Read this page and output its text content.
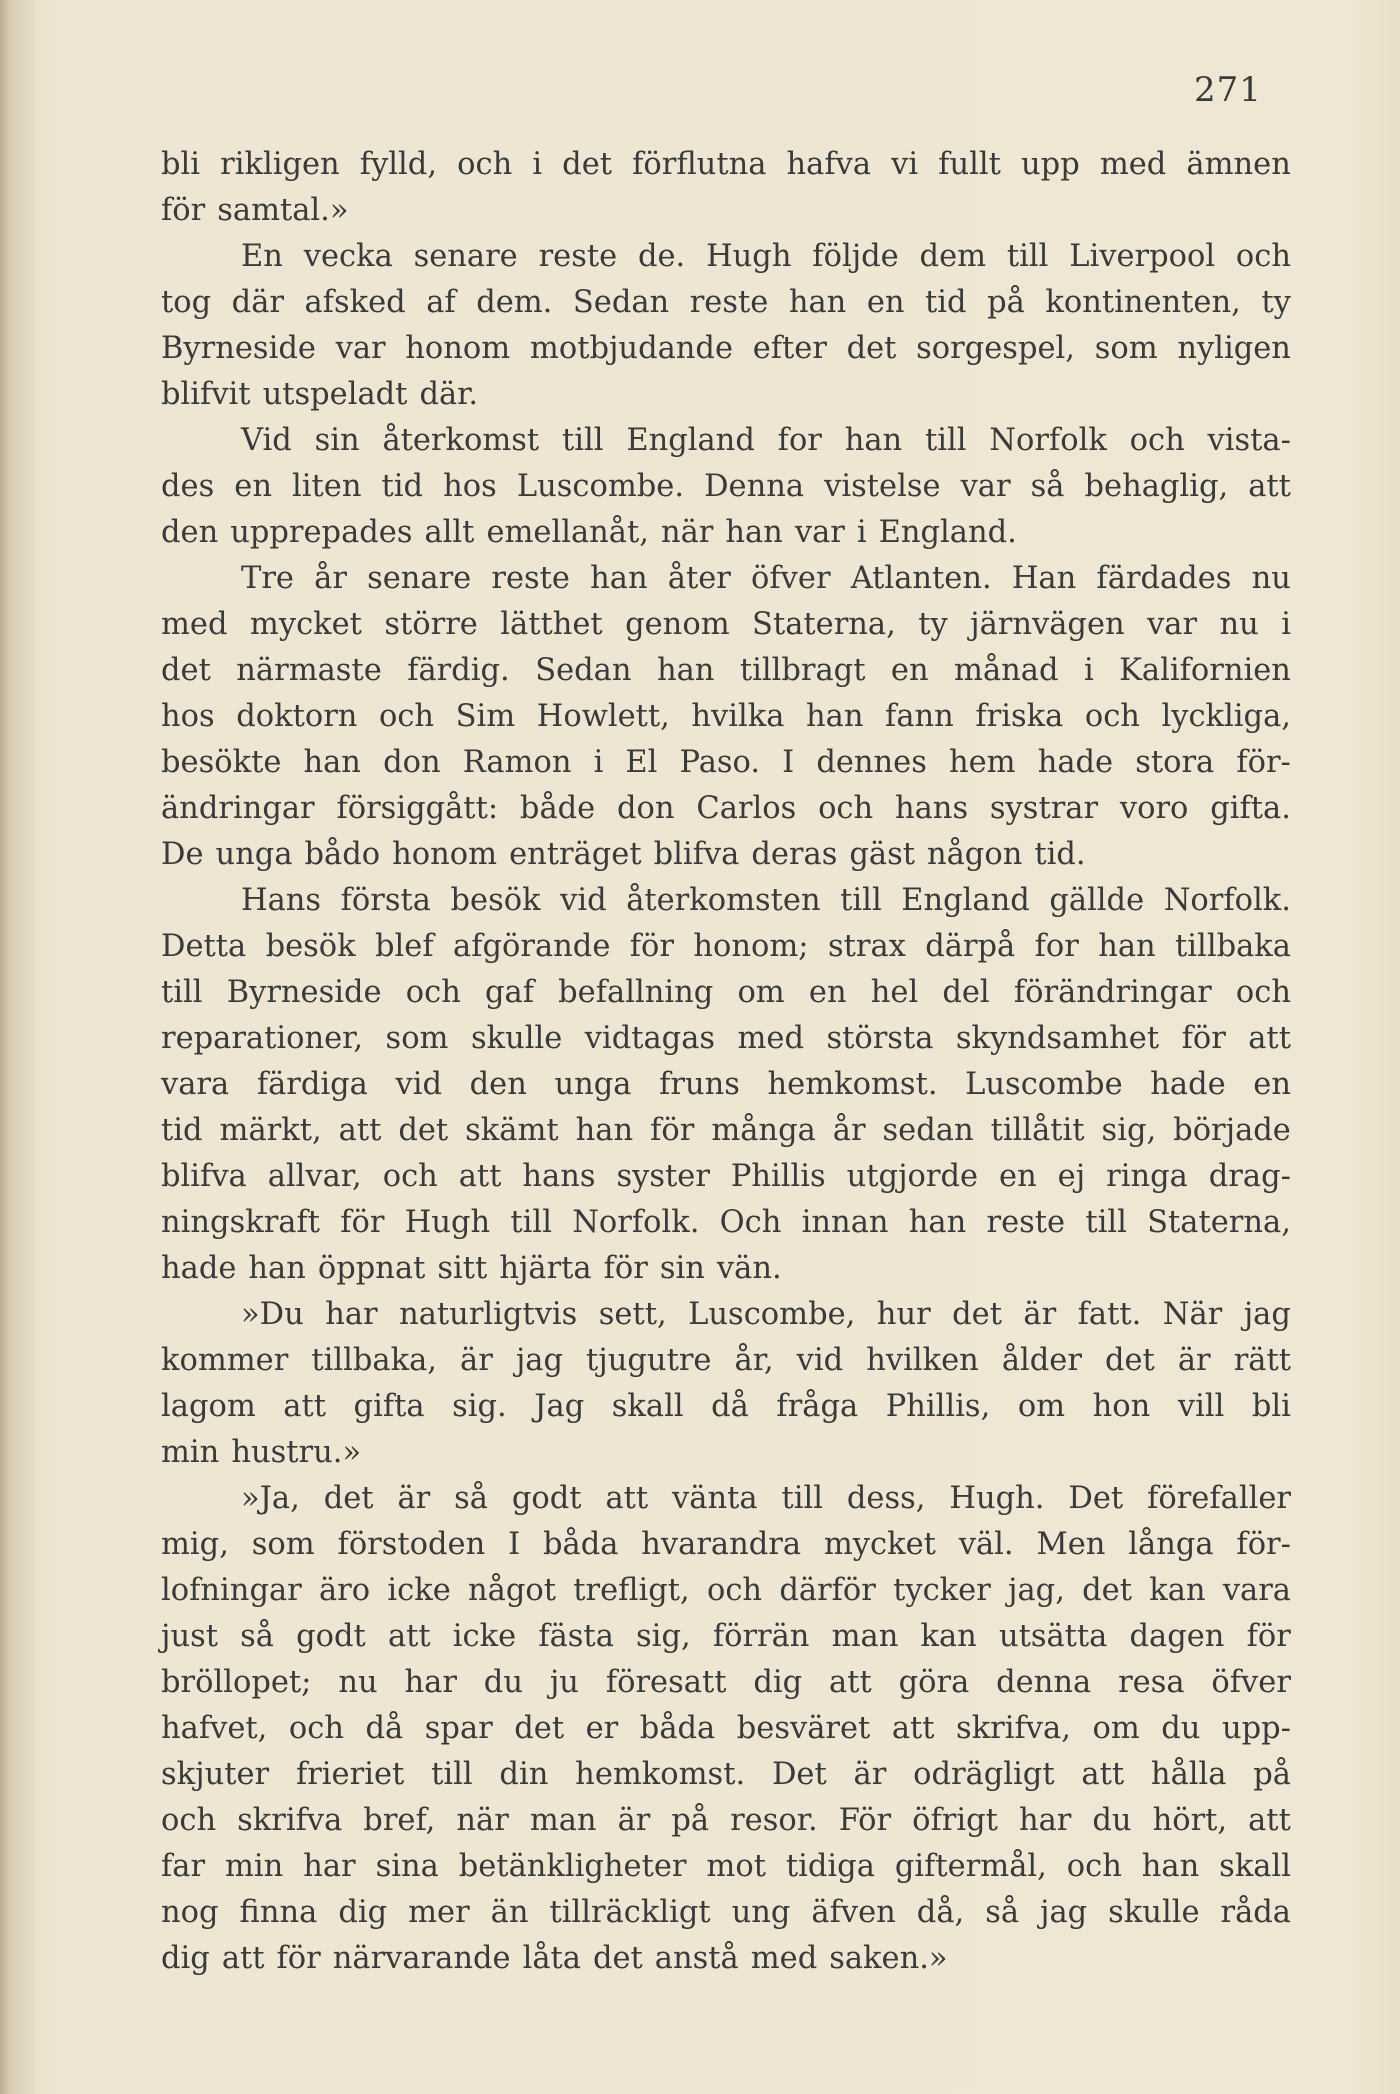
271
bli rikligen fylld, och i det förflutna hafva vi fullt upp med ämnen
för samtal.»
En vecka senare reste de. Hugh följde dem till Liverpool och
tog där afsked af dem. Sedan reste han en tid på kontinenten, ty
Byrneside var honom motbjudande efter det sorgespel, som nyligen
blifvit utspeladt där.
Vid sin återkomst till England for han till Norfolk och vista-
des en liten tid hos Luscombe. Denna vistelse var så behaglig, att
den upprepades allt emellanåt, när han var i England.
Tre år senare reste han åter öfver Atlanten. Han färdades nu
med mycket större lätthet genom Staterna, ty järnvägen var nu i
det närmaste färdig. Sedan han tillbragt en månad i Kalifornien
hos doktorn och Sim Howlett, hvilka han fann friska och lyckliga,
besökte han don Ramon i El Paso. I dennes hem hade stora för-
ändringar försiggått: både don Carlos och hans systrar voro gifta.
De unga bådo honom enträget blifva deras gäst någon tid.
Hans första besök vid återkomsten till England gällde Norfolk.
Detta besök blef afgörande för honom; strax därpå for han tillbaka
till Byrneside och gaf befallning om en hel del förändringar och
reparationer, som skulle vidtagas med största skyndsamhet för att
vara färdiga vid den unga fruns hemkomst. Luscombe hade en
tid märkt, att det skämt han för många år sedan tillåtit sig, började
blifva allvar, och att hans syster Phillis utgjorde en ej ringa drag-
ningskraft för Hugh till Norfolk. Och innan han reste till Staterna,
hade han öppnat sitt hjärta för sin vän.
»Du har naturligtvis sett, Luscombe, hur det är fatt. När jag
kommer tillbaka, är jag tjugutre år, vid hvilken ålder det är rätt
lagom att gifta sig. Jag skall då fråga Phillis, om hon vill bli
min hustru.»
»Ja, det är så godt att vänta till dess, Hugh. Det förefaller
mig, som förstoden I båda hvarandra mycket väl. Men långa för-
lofningar äro icke något trefligt, och därför tycker jag, det kan vara
just så godt att icke fästa sig, förrän man kan utsätta dagen för
bröllopet; nu har du ju föresatt dig att göra denna resa öfver
hafvet, och då spar det er båda besväret att skrifva, om du upp-
skjuter frieriet till din hemkomst. Det är odrägligt att hålla på
och skrifva bref, när man är på resor. För öfrigt har du hört, att
far min har sina betänkligheter mot tidiga giftermål, och han skall
nog finna dig mer än tillräckligt ung äfven då, så jag skulle råda
dig att för närvarande låta det anstå med saken.»
